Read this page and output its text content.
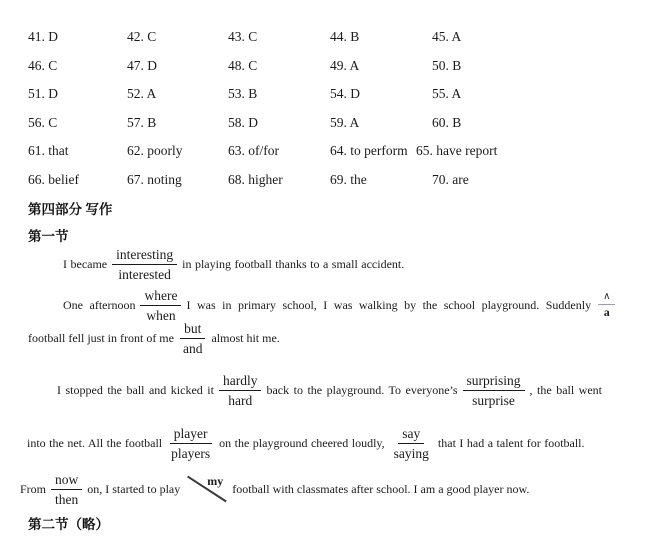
41. D	42. C	43. C	44. B	45. A
46. C	47. D	48. C	49. A	50. B
51. D	52. A	53. B	54. D	55. A
56. C	57. B	58. D	59. A	60. B
61. that	62. poorly	63. of/for	64. to perform 65. have report
66. belief	67. noting	68. higher	69. the	70. are
第四部分 写作
第一节
I became
interesting
interested
in playing football thanks to a small accident.
One afternoon
where
when
I was in primary school, I was walking by the school playground. Suddenly
∧
a
football fell just in front of me
but
and
almost hit me.
I stopped the ball and kicked it
hardly
hard
back to the playground. To everyone’s
surprising
surprise
, the ball went
into the net. All the football
player
players
on the playground cheered loudly,
say
saying
that I had a talent for football.
From
now
then
on, I started to play

my

football with classmates after school. I am a good player now.
第二节（略）
